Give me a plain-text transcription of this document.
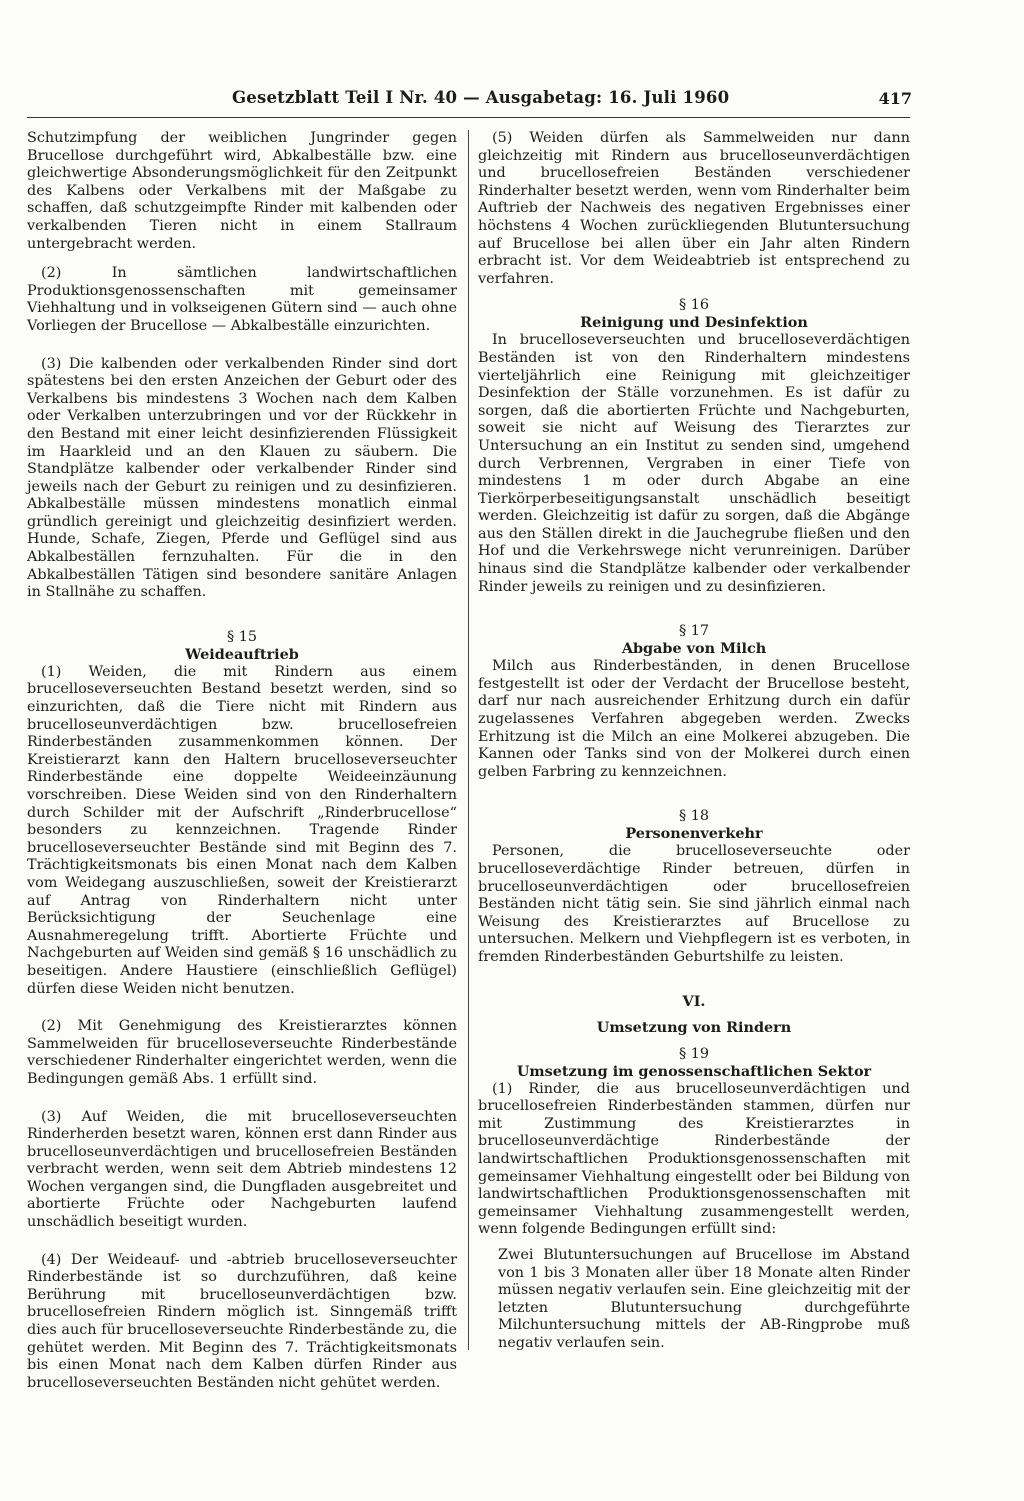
Gesetzblatt Teil I Nr. 40 — Ausgabetag: 16. Juli 1960	417

Schutzimpfung der weiblichen Jungrinder gegen Brucellose durchgeführt wird, Abkalbeställe bzw. eine gleichwertige Absonderungsmöglichkeit für den Zeitpunkt des Kalbens oder Verkalbens mit der Maßgabe zu schaffen, daß schutzgeimpfte Rinder mit kalbenden oder verkalbenden Tieren nicht in einem Stallraum untergebracht werden.

(2) In sämtlichen landwirtschaftlichen Produktionsgenossenschaften mit gemeinsamer Viehhaltung und in volkseigenen Gütern sind — auch ohne Vorliegen der Brucellose — Abkalbeställe einzurichten.

(3) Die kalbenden oder verkalbenden Rinder sind dort spätestens bei den ersten Anzeichen der Geburt oder des Verkalbens bis mindestens 3 Wochen nach dem Kalben oder Verkalben unterzubringen und vor der Rückkehr in den Bestand mit einer leicht desinfizierenden Flüssigkeit im Haarkleid und an den Klauen zu säubern. Die Standplätze kalbender oder verkalbender Rinder sind jeweils nach der Geburt zu reinigen und zu desinfizieren. Abkalbeställe müssen mindestens monatlich einmal gründlich gereinigt und gleichzeitig desinfiziert werden. Hunde, Schafe, Ziegen, Pferde und Geflügel sind aus Abkalbeställen fernzuhalten. Für die in den Abkalbeställen Tätigen sind besondere sanitäre Anlagen in Stallnähe zu schaffen.

§ 15

Weideauftrieb

(1) Weiden, die mit Rindern aus einem brucelloseverseuchten Bestand besetzt werden, sind so einzurichten, daß die Tiere nicht mit Rindern aus brucelloseunverdächtigen bzw. brucellosefreien Rinderbeständen zusammenkommen können. Der Kreistierarzt kann den Haltern brucelloseverseuchter Rinderbestände eine doppelte Weideeinzäunung vorschreiben. Diese Weiden sind von den Rinderhaltern durch Schilder mit der Aufschrift „Rinderbrucellose“ besonders zu kennzeichnen. Tragende Rinder brucelloseverseuchter Bestände sind mit Beginn des 7. Trächtigkeitsmonats bis einen Monat nach dem Kalben vom Weidegang auszuschließen, soweit der Kreistierarzt auf Antrag von Rinderhaltern nicht unter Berücksichtigung der Seuchenlage eine Ausnahmeregelung trifft. Abortierte Früchte und Nachgeburten auf Weiden sind gemäß § 16 unschädlich zu beseitigen. Andere Haustiere (einschließlich Geflügel) dürfen diese Weiden nicht benutzen.

(2) Mit Genehmigung des Kreistierarztes können Sammelweiden für brucelloseverseuchte Rinderbestände verschiedener Rinderhalter eingerichtet werden, wenn die Bedingungen gemäß Abs. 1 erfüllt sind.

(3) Auf Weiden, die mit brucelloseverseuchten Rinderherden besetzt waren, können erst dann Rinder aus brucelloseunverdächtigen und brucellosefreien Beständen verbracht werden, wenn seit dem Abtrieb mindestens 12 Wochen vergangen sind, die Dungfladen ausgebreitet und abortierte Früchte oder Nachgeburten laufend unschädlich beseitigt wurden.

(4) Der Weideauf- und -abtrieb brucelloseverseuchter Rinderbestände ist so durchzuführen, daß keine Berührung mit brucelloseunverdächtigen bzw. brucellosefreien Rindern möglich ist. Sinngemäß trifft dies auch für brucelloseverseuchte Rinderbestände zu, die gehütet werden. Mit Beginn des 7. Trächtigkeitsmonats bis einen Monat nach dem Kalben dürfen Rinder aus brucelloseverseuchten Beständen nicht gehütet werden.

(5) Weiden dürfen als Sammelweiden nur dann gleichzeitig mit Rindern aus brucelloseunverdächtigen und brucellosefreien Beständen verschiedener Rinderhalter besetzt werden, wenn vom Rinderhalter beim Auftrieb der Nachweis des negativen Ergebnisses einer höchstens 4 Wochen zurückliegenden Blutuntersuchung auf Brucellose bei allen über ein Jahr alten Rindern erbracht ist. Vor dem Weideabtrieb ist entsprechend zu verfahren.

§ 16

Reinigung und Desinfektion

In brucelloseverseuchten und brucelloseverdächtigen Beständen ist von den Rinderhaltern mindestens vierteljährlich eine Reinigung mit gleichzeitiger Desinfektion der Ställe vorzunehmen. Es ist dafür zu sorgen, daß die abortierten Früchte und Nachgeburten, soweit sie nicht auf Weisung des Tierarztes zur Untersuchung an ein Institut zu senden sind, umgehend durch Verbrennen, Vergraben in einer Tiefe von mindestens 1 m oder durch Abgabe an eine Tierkörperbeseitigungsanstalt unschädlich beseitigt werden. Gleichzeitig ist dafür zu sorgen, daß die Abgänge aus den Ställen direkt in die Jauchegrube fließen und den Hof und die Verkehrswege nicht verunreinigen. Darüber hinaus sind die Standplätze kalbender oder verkalbender Rinder jeweils zu reinigen und zu desinfizieren.

§ 17

Abgabe von Milch

Milch aus Rinderbeständen, in denen Brucellose festgestellt ist oder der Verdacht der Brucellose besteht, darf nur nach ausreichender Erhitzung durch ein dafür zugelassenes Verfahren abgegeben werden. Zwecks Erhitzung ist die Milch an eine Molkerei abzugeben. Die Kannen oder Tanks sind von der Molkerei durch einen gelben Farbring zu kennzeichnen.

§ 18

Personenverkehr

Personen, die brucelloseverseuchte oder brucelloseverdächtige Rinder betreuen, dürfen in brucelloseunverdächtigen oder brucellosefreien Beständen nicht tätig sein. Sie sind jährlich einmal nach Weisung des Kreistierarztes auf Brucellose zu untersuchen. Melkern und Viehpflegern ist es verboten, in fremden Rinderbeständen Geburtshilfe zu leisten.

VI.

Umsetzung von Rindern

§ 19

Umsetzung im genossenschaftlichen Sektor

(1) Rinder, die aus brucelloseunverdächtigen und brucellosefreien Rinderbeständen stammen, dürfen nur mit Zustimmung des Kreistierarztes in brucelloseunverdächtige Rinderbestände der landwirtschaftlichen Produktionsgenossenschaften mit gemeinsamer Viehhaltung eingestellt oder bei Bildung von landwirtschaftlichen Produktionsgenossenschaften mit gemeinsamer Viehhaltung zusammengestellt werden, wenn folgende Bedingungen erfüllt sind:

Zwei Blutuntersuchungen auf Brucellose im Abstand von 1 bis 3 Monaten aller über 18 Monate alten Rinder müssen negativ verlaufen sein. Eine gleichzeitig mit der letzten Blutuntersuchung durchgeführte Milchuntersuchung mittels der AB-Ringprobe muß negativ verlaufen sein.
